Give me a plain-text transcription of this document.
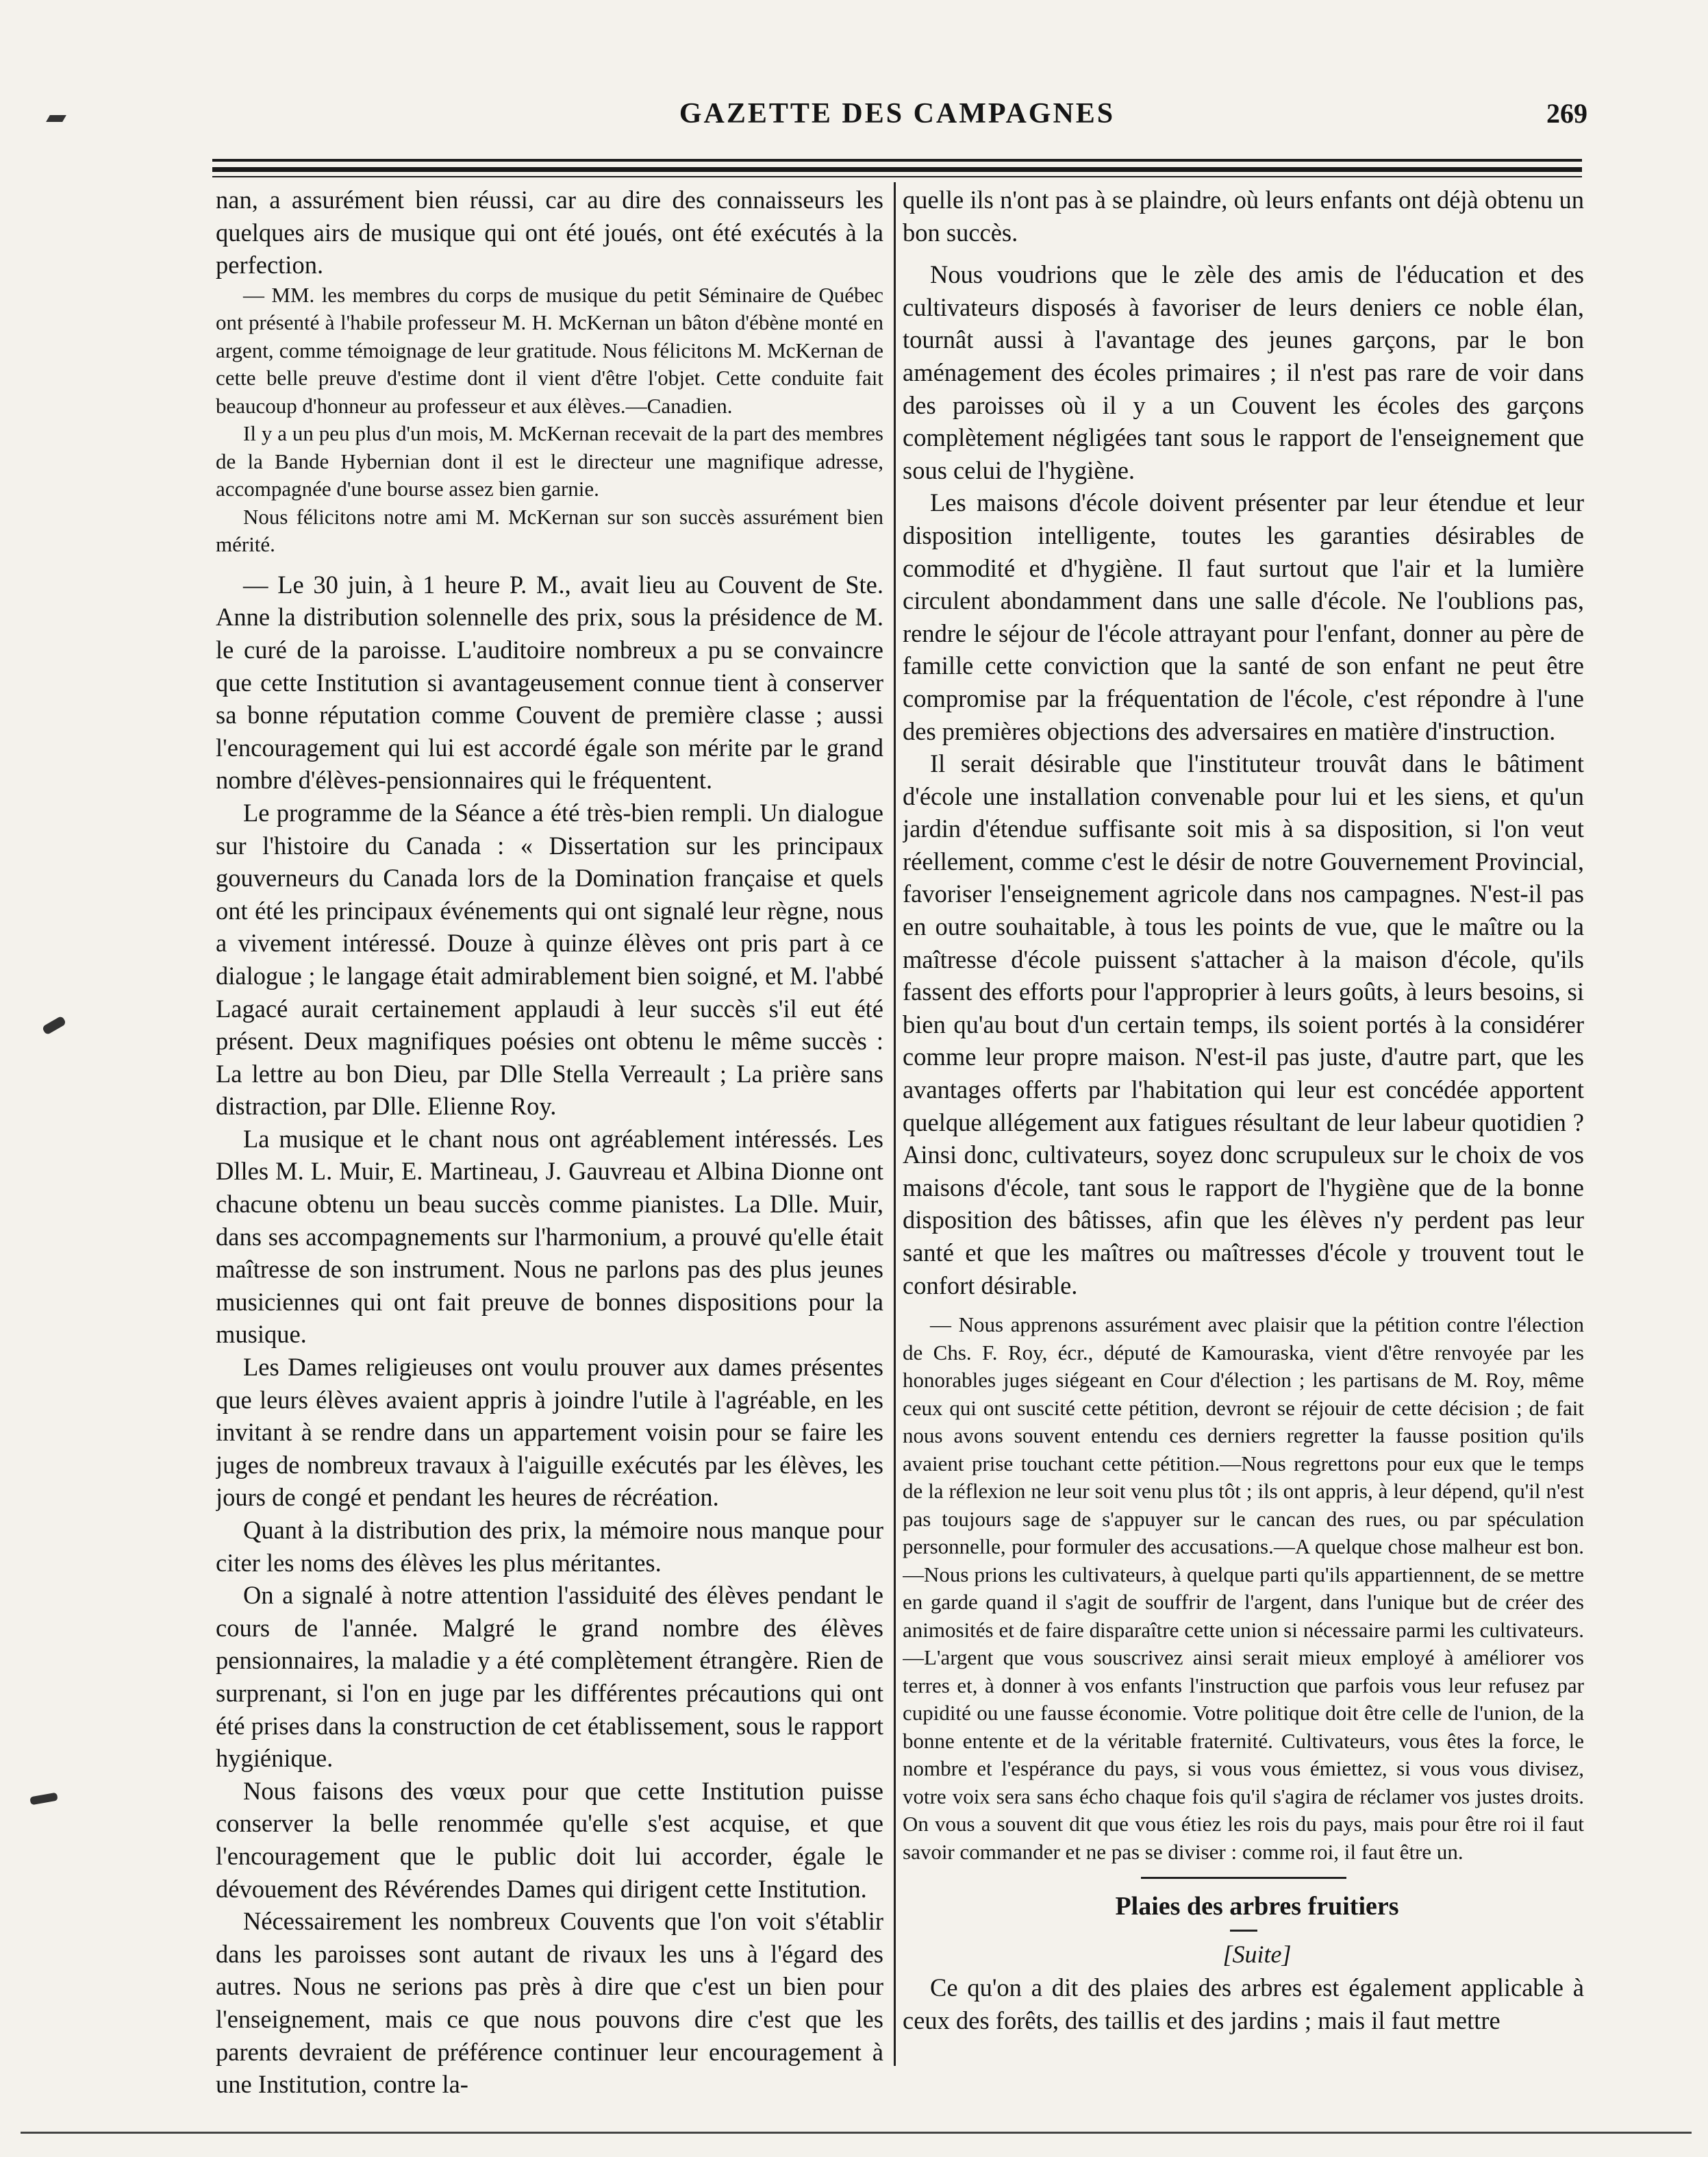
GAZETTE DES CAMPAGNES	269

nan, a assurément bien réussi, car au dire des connaisseurs les quelques airs de musique qui ont été joués, ont été exécutés à la perfection.

— MM. les membres du corps de musique du petit Séminaire de Québec ont présenté à l'habile professeur M. H. McKernan un bâton d'ébène monté en argent, comme témoignage de leur gratitude. Nous félicitons M. McKernan de cette belle preuve d'estime dont il vient d'être l'objet. Cette conduite fait beaucoup d'honneur au professeur et aux élèves.—Canadien.

Il y a un peu plus d'un mois, M. McKernan recevait de la part des membres de la Bande Hybernian dont il est le directeur une magnifique adresse, accompagnée d'une bourse assez bien garnie.

Nous félicitons notre ami M. McKernan sur son succès assurément bien mérité.

— Le 30 juin, à 1 heure P. M., avait lieu au Couvent de Ste. Anne la distribution solennelle des prix, sous la présidence de M. le curé de la paroisse. L'auditoire nombreux a pu se convaincre que cette Institution si avantageusement connue tient à conserver sa bonne réputation comme Couvent de première classe ; aussi l'encouragement qui lui est accordé égale son mérite par le grand nombre d'élèves-pensionnaires qui le fréquentent.

Le programme de la Séance a été très-bien rempli. Un dialogue sur l'histoire du Canada : « Dissertation sur les principaux gouverneurs du Canada lors de la Domination française et quels ont été les principaux événements qui ont signalé leur règne, nous a vivement intéressé. Douze à quinze élèves ont pris part à ce dialogue ; le langage était admirablement bien soigné, et M. l'abbé Lagacé aurait certainement applaudi à leur succès s'il eut été présent. Deux magnifiques poésies ont obtenu le même succès : La lettre au bon Dieu, par Dlle Stella Verreault ; La prière sans distraction, par Dlle. Elienne Roy.

La musique et le chant nous ont agréablement intéressés. Les Dlles M. L. Muir, E. Martineau, J. Gauvreau et Albina Dionne ont chacune obtenu un beau succès comme pianistes. La Dlle. Muir, dans ses accompagnements sur l'harmonium, a prouvé qu'elle était maîtresse de son instrument. Nous ne parlons pas des plus jeunes musiciennes qui ont fait preuve de bonnes dispositions pour la musique.

Les Dames religieuses ont voulu prouver aux dames présentes que leurs élèves avaient appris à joindre l'utile à l'agréable, en les invitant à se rendre dans un appartement voisin pour se faire les juges de nombreux travaux à l'aiguille exécutés par les élèves, les jours de congé et pendant les heures de récréation.

Quant à la distribution des prix, la mémoire nous manque pour citer les noms des élèves les plus méritantes.

On a signalé à notre attention l'assiduité des élèves pendant le cours de l'année. Malgré le grand nombre des élèves pensionnaires, la maladie y a été complètement étrangère. Rien de surprenant, si l'on en juge par les différentes précautions qui ont été prises dans la construction de cet établissement, sous le rapport hygiénique.

Nous faisons des vœux pour que cette Institution puisse conserver la belle renommée qu'elle s'est acquise, et que l'encouragement que le public doit lui accorder, égale le dévouement des Révérendes Dames qui dirigent cette Institution.

Nécessairement les nombreux Couvents que l'on voit s'établir dans les paroisses sont autant de rivaux les uns à l'égard des autres. Nous ne serions pas près à dire que c'est un bien pour l'enseignement, mais ce que nous pouvons dire c'est que les parents devraient de préférence continuer leur encouragement à une Institution, contre la-

quelle ils n'ont pas à se plaindre, où leurs enfants ont déjà obtenu un bon succès.

Nous voudrions que le zèle des amis de l'éducation et des cultivateurs disposés à favoriser de leurs deniers ce noble élan, tournât aussi à l'avantage des jeunes garçons, par le bon aménagement des écoles primaires ; il n'est pas rare de voir dans des paroisses où il y a un Couvent les écoles des garçons complètement négligées tant sous le rapport de l'enseignement que sous celui de l'hygiène.

Les maisons d'école doivent présenter par leur étendue et leur disposition intelligente, toutes les garanties désirables de commodité et d'hygiène. Il faut surtout que l'air et la lumière circulent abondamment dans une salle d'école. Ne l'oublions pas, rendre le séjour de l'école attrayant pour l'enfant, donner au père de famille cette conviction que la santé de son enfant ne peut être compromise par la fréquentation de l'école, c'est répondre à l'une des premières objections des adversaires en matière d'instruction.

Il serait désirable que l'instituteur trouvât dans le bâtiment d'école une installation convenable pour lui et les siens, et qu'un jardin d'étendue suffisante soit mis à sa disposition, si l'on veut réellement, comme c'est le désir de notre Gouvernement Provincial, favoriser l'enseignement agricole dans nos campagnes. N'est-il pas en outre souhaitable, à tous les points de vue, que le maître ou la maîtresse d'école puissent s'attacher à la maison d'école, qu'ils fassent des efforts pour l'approprier à leurs goûts, à leurs besoins, si bien qu'au bout d'un certain temps, ils soient portés à la considérer comme leur propre maison. N'est-il pas juste, d'autre part, que les avantages offerts par l'habitation qui leur est concédée apportent quelque allégement aux fatigues résultant de leur labeur quotidien ? Ainsi donc, cultivateurs, soyez donc scrupuleux sur le choix de vos maisons d'école, tant sous le rapport de l'hygiène que de la bonne disposition des bâtisses, afin que les élèves n'y perdent pas leur santé et que les maîtres ou maîtresses d'école y trouvent tout le confort désirable.

— Nous apprenons assurément avec plaisir que la pétition contre l'élection de Chs. F. Roy, écr., député de Kamouraska, vient d'être renvoyée par les honorables juges siégeant en Cour d'élection ; les partisans de M. Roy, même ceux qui ont suscité cette pétition, devront se réjouir de cette décision ; de fait nous avons souvent entendu ces derniers regretter la fausse position qu'ils avaient prise touchant cette pétition.—Nous regrettons pour eux que le temps de la réflexion ne leur soit venu plus tôt ; ils ont appris, à leur dépend, qu'il n'est pas toujours sage de s'appuyer sur le cancan des rues, ou par spéculation personnelle, pour formuler des accusations.—A quelque chose malheur est bon.—Nous prions les cultivateurs, à quelque parti qu'ils appartiennent, de se mettre en garde quand il s'agit de souffrir de l'argent, dans l'unique but de créer des animosités et de faire disparaître cette union si nécessaire parmi les cultivateurs.—L'argent que vous souscrivez ainsi serait mieux employé à améliorer vos terres et, à donner à vos enfants l'instruction que parfois vous leur refusez par cupidité ou une fausse économie. Votre politique doit être celle de l'union, de la bonne entente et de la véritable fraternité. Cultivateurs, vous êtes la force, le nombre et l'espérance du pays, si vous vous émiettez, si vous vous divisez, votre voix sera sans écho chaque fois qu'il s'agira de réclamer vos justes droits. On vous a souvent dit que vous étiez les rois du pays, mais pour être roi il faut savoir commander et ne pas se diviser : comme roi, il faut être un.

Plaies des arbres fruitiers

[Suite]

Ce qu'on a dit des plaies des arbres est également applicable à ceux des forêts, des taillis et des jardins ; mais il faut mettre
